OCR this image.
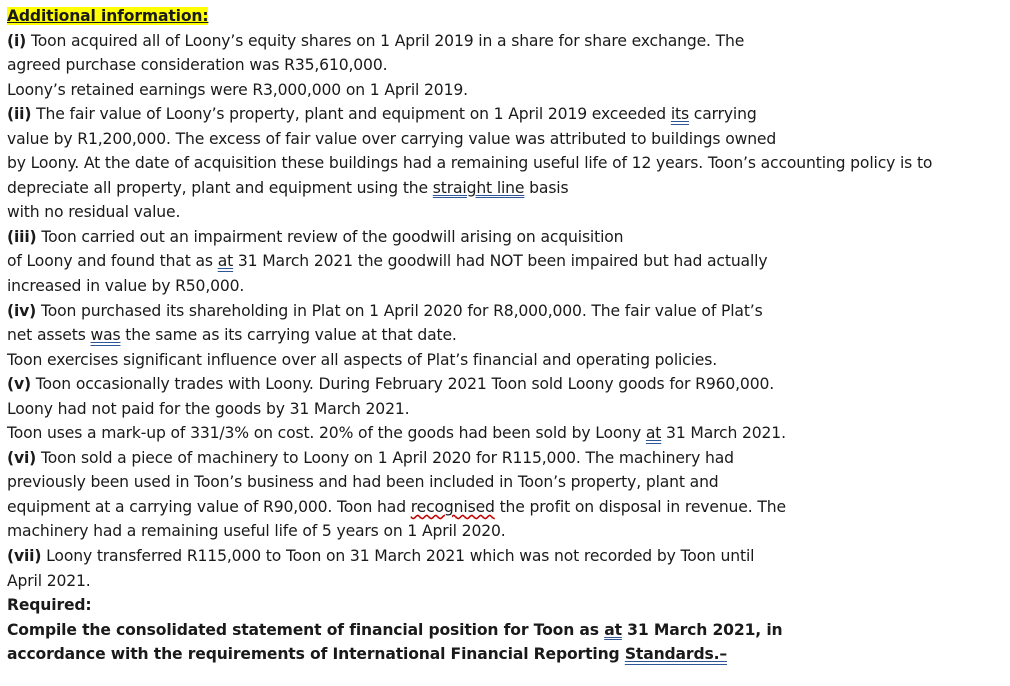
Additional information:
(i) Toon acquired all of Loony’s equity shares on 1 April 2019 in a share for share exchange. The
agreed purchase consideration was R35,610,000.
Loony’s retained earnings were R3,000,000 on 1 April 2019.
(ii) The fair value of Loony’s property, plant and equipment on 1 April 2019 exceeded its carrying
value by R1,200,000. The excess of fair value over carrying value was attributed to buildings owned
by Loony. At the date of acquisition these buildings had a remaining useful life of 12 years. Toon’s accounting policy is to
depreciate all property, plant and equipment using the straight line basis
with no residual value.
(iii) Toon carried out an impairment review of the goodwill arising on acquisition
of Loony and found that as at 31 March 2021 the goodwill had NOT been impaired but had actually
increased in value by R50,000.
(iv) Toon purchased its shareholding in Plat on 1 April 2020 for R8,000,000. The fair value of Plat’s
net assets was the same as its carrying value at that date.
Toon exercises significant influence over all aspects of Plat’s financial and operating policies.
(v) Toon occasionally trades with Loony. During February 2021 Toon sold Loony goods for R960,000.
Loony had not paid for the goods by 31 March 2021.
Toon uses a mark-up of 331/3% on cost. 20% of the goods had been sold by Loony at 31 March 2021.
(vi) Toon sold a piece of machinery to Loony on 1 April 2020 for R115,000. The machinery had
previously been used in Toon’s business and had been included in Toon’s property, plant and
equipment at a carrying value of R90,000. Toon had recognised the profit on disposal in revenue. The
machinery had a remaining useful life of 5 years on 1 April 2020.
(vii) Loony transferred R115,000 to Toon on 31 March 2021 which was not recorded by Toon until
April 2021.
Required:
Compile the consolidated statement of financial position for Toon as at 31 March 2021, in
accordance with the requirements of International Financial Reporting Standards.–
